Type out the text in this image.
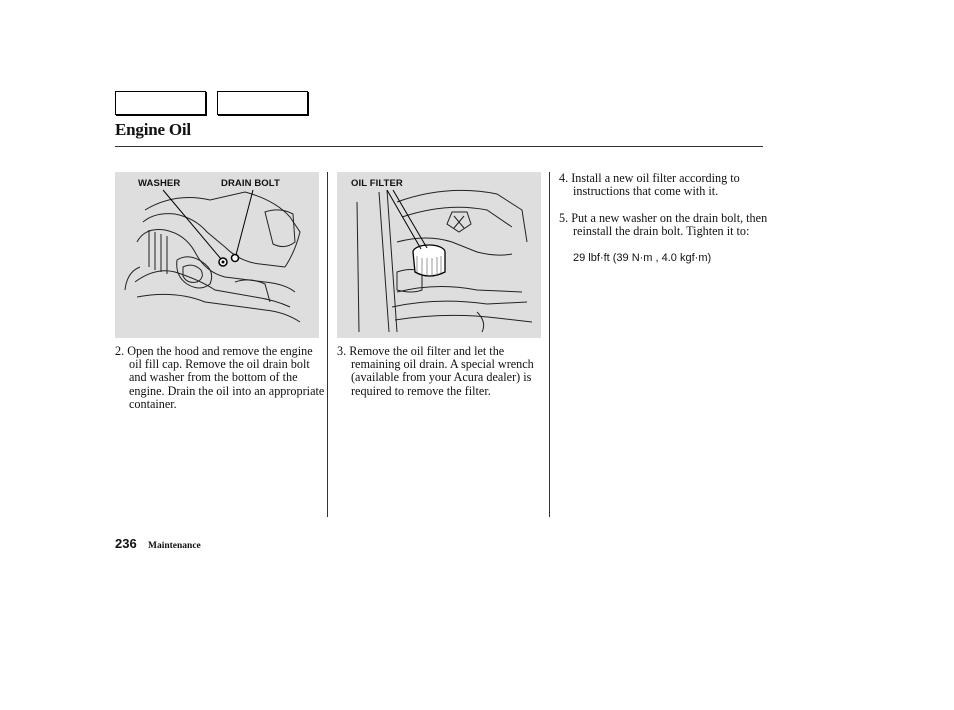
Engine Oil
WASHER	DRAIN BOLT	OIL FILTER
2. Open the hood and remove the engine oil fill cap. Remove the oil drain bolt and washer from the bottom of the engine. Drain the oil into an appropriate container.
3. Remove the oil filter and let the remaining oil drain. A special wrench (available from your Acura dealer) is required to remove the filter.
4. Install a new oil filter according to instructions that come with it.
5. Put a new washer on the drain bolt, then reinstall the drain bolt. Tighten it to:
29 lbf·ft (39 N·m , 4.0 kgf·m)
236 Maintenance
